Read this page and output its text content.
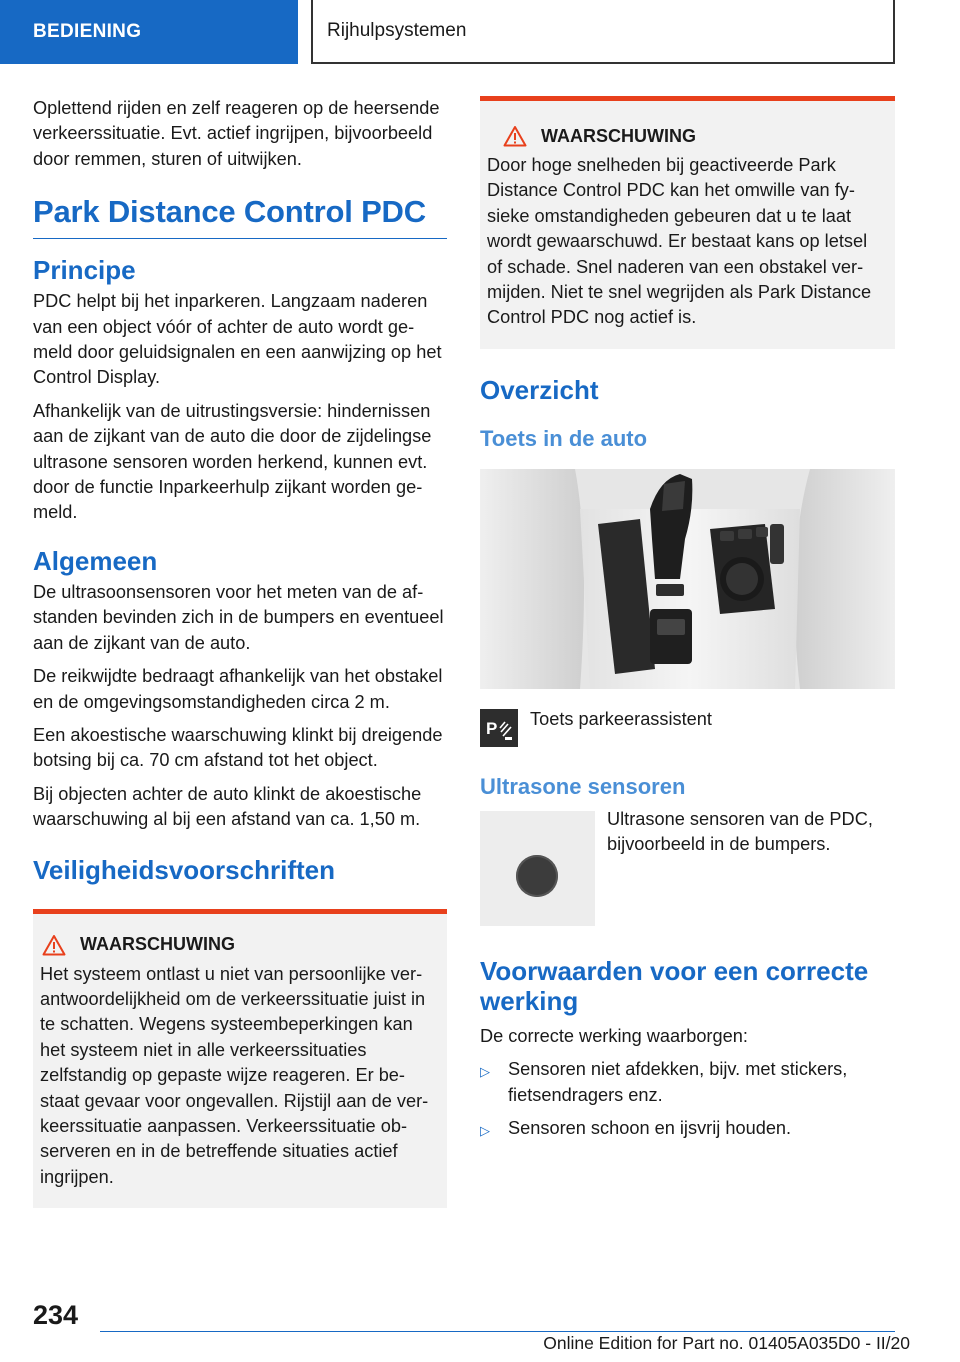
BEDIENING	Rijhulpsystemen

Oplettend rijden en zelf reageren op de heersende verkeerssituatie. Evt. actief ingrijpen, bijvoorbeeld door remmen, sturen of uitwijken.

Park Distance Control PDC
Principe

PDC helpt bij het inparkeren. Langzaam naderen van een object vóór of achter de auto wordt gemeld door geluidsignalen en een aanwijzing op het Control Display.

Afhankelijk van de uitrustingsversie: hindernissen aan de zijkant van de auto die door de zijdelingse ultrasone sensoren worden herkend, kunnen evt. door de functie Inparkeerhulp zijkant worden gemeld.

Algemeen

De ultrasoonsensoren voor het meten van de afstanden bevinden zich in de bumpers en eventueel aan de zijkant van de auto.

De reikwijdte bedraagt afhankelijk van het obstakel en de omgevingsomstandigheden circa 2 m.

Een akoestische waarschuwing klinkt bij dreigende botsing bij ca. 70 cm afstand tot het object.

Bij objecten achter de auto klinkt de akoestische waarschuwing al bij een afstand van ca. 1,50 m.

Veiligheidsvoorschriften
WAARSCHUWING
Het systeem ontlast u niet van persoonlijke verantwoordelijkheid om de verkeerssituatie juist in te schatten. Wegens systeembeperkingen kan het systeem niet in alle verkeerssituaties zelfstandig op gepaste wijze reageren. Er bestaat gevaar voor ongevallen. Rijstijl aan de verkeerssituatie aanpassen. Verkeerssituatie observeren en in de betreffende situaties actief ingrijpen.
WAARSCHUWING
Door hoge snelheden bij geactiveerde Park Distance Control PDC kan het omwille van fysieke omstandigheden gebeuren dat u te laat wordt gewaarschuwd. Er bestaat kans op letsel of schade. Snel naderen van een obstakel vermijden. Niet te snel wegrijden als Park Distance Control PDC nog actief is.
Overzicht
Toets in de auto
P Toets parkeerassistent
Ultrasone sensoren
Ultrasone sensoren van de PDC, bijvoorbeeld in de bumpers.
Voorwaarden voor een correcte werking

De correcte werking waarborgen:

▷ Sensoren niet afdekken, bijv. met stickers, fietsendragers enz.
▷ Sensoren schoon en ijsvrij houden.
234
Online Edition for Part no. 01405A035D0 - II/20
